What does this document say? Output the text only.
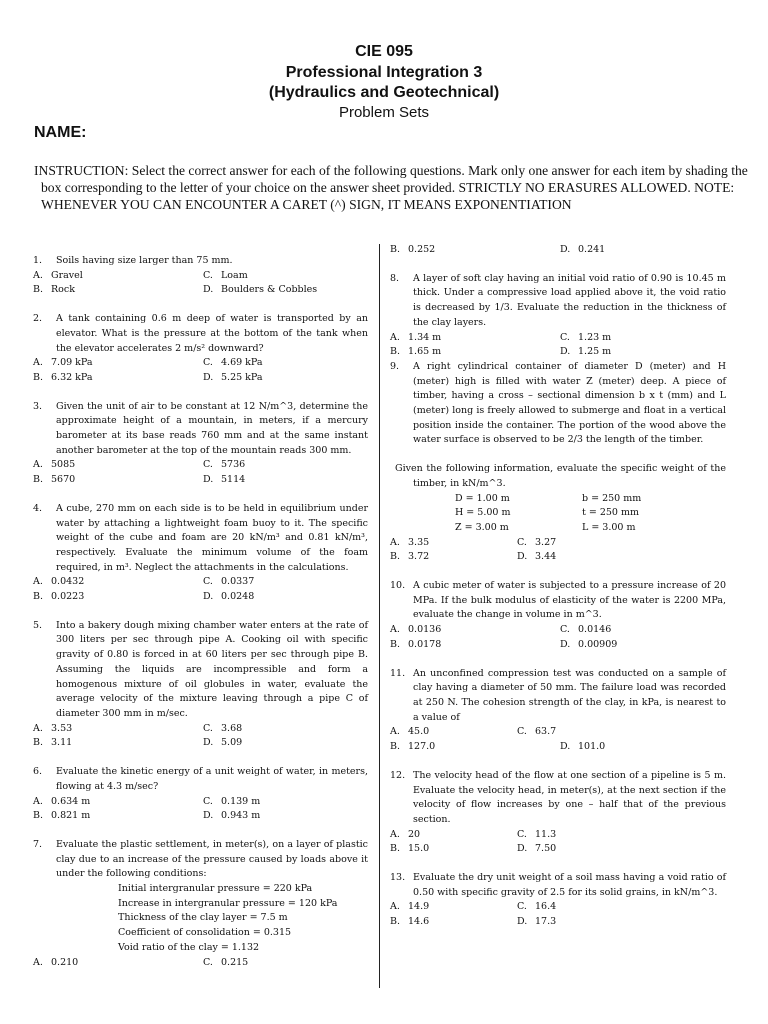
CIE 095
Professional Integration 3
(Hydraulics and Geotechnical)
Problem Sets
NAME:
INSTRUCTION: Select the correct answer for each of the following questions. Mark only one answer for each item by shading the box corresponding to the letter of your choice on the answer sheet provided. STRICTLY NO ERASURES ALLOWED. NOTE: WHENEVER YOU CAN ENCOUNTER A CARET (^) SIGN, IT MEANS EXPONENTIATION
1.	Soils having size larger than 75 mm.
A. Gravel	C. Loam
B. Rock	D. Boulders & Cobbles
2.	A tank containing 0.6 m deep of water is transported by an elevator. What is the pressure at the bottom of the tank when the elevator accelerates 2 m/s² downward?
A. 7.09 kPa	C. 4.69 kPa
B. 6.32 kPa	D. 5.25 kPa
3.	Given the unit of air to be constant at 12 N/m^3, determine the approximate height of a mountain, in meters, if a mercury barometer at its base reads 760 mm and at the same instant another barometer at the top of the mountain reads 300 mm.
A. 5085	C. 5736
B. 5670	D. 5114
4.	A cube, 270 mm on each side is to be held in equilibrium under water by attaching a lightweight foam buoy to it. The specific weight of the cube and foam are 20 kN/m³ and 0.81 kN/m³, respectively. Evaluate the minimum volume of the foam required, in m³. Neglect the attachments in the calculations.
A. 0.0432	C. 0.0337
B. 0.0223	D. 0.0248
5.	Into a bakery dough mixing chamber water enters at the rate of 300 liters per sec through pipe A. Cooking oil with specific gravity of 0.80 is forced in at 60 liters per sec through pipe B. Assuming the liquids are incompressible and form a homogenous mixture of oil globules in water, evaluate the average velocity of the mixture leaving through a pipe C of diameter 300 mm in m/sec.
A. 3.53	C. 3.68
B. 3.11	D. 5.09
6.	Evaluate the kinetic energy of a unit weight of water, in meters, flowing at 4.3 m/sec?
A. 0.634 m	C. 0.139 m
B. 0.821 m	D. 0.943 m
7.	Evaluate the plastic settlement, in meter(s), on a layer of plastic clay due to an increase of the pressure caused by loads above it under the following conditions:
Initial intergranular pressure = 220 kPa
Increase in intergranular pressure = 120 kPa
Thickness of the clay layer = 7.5 m
Coefficient of consolidation = 0.315
Void ratio of the clay = 1.132
A. 0.210	C. 0.215
B. 0.252	D. 0.241
8.	A layer of soft clay having an initial void ratio of 0.90 is 10.45 m thick. Under a compressive load applied above it, the void ratio is decreased by 1/3. Evaluate the reduction in the thickness of the clay layers.
A. 1.34 m	C. 1.23 m
B. 1.65 m	D. 1.25 m
9.	A right cylindrical container of diameter D (meter) and H (meter) high is filled with water Z (meter) deep. A piece of timber, having a cross – sectional dimension b x t (mm) and L (meter) long is freely allowed to submerge and float in a vertical position inside the container. The portion of the wood above the water surface is observed to be 2/3 the length of the timber.
Given the following information, evaluate the specific weight of the timber, in kN/m^3.
D = 1.00 m	b = 250 mm
H = 5.00 m	t = 250 mm
Z = 3.00 m	L = 3.00 m
A. 3.35	C. 3.27
B. 3.72	D. 3.44
10. A cubic meter of water is subjected to a pressure increase of 20 MPa. If the bulk modulus of elasticity of the water is 2200 MPa, evaluate the change in volume in m^3.
A. 0.0136	C. 0.0146
B. 0.0178	D. 0.00909
11. An unconfined compression test was conducted on a sample of clay having a diameter of 50 mm. The failure load was recorded at 250 N. The cohesion strength of the clay, in kPa, is nearest to a value of
A. 45.0	C. 63.7
B. 127.0	D. 101.0
12. The velocity head of the flow at one section of a pipeline is 5 m. Evaluate the velocity head, in meter(s), at the next section if the velocity of flow increases by one – half that of the previous section.
A. 20	C. 11.3
B. 15.0	D. 7.50
13. Evaluate the dry unit weight of a soil mass having a void ratio of 0.50 with specific gravity of 2.5 for its solid grains, in kN/m^3.
A. 14.9	C. 16.4
B. 14.6	D. 17.3
